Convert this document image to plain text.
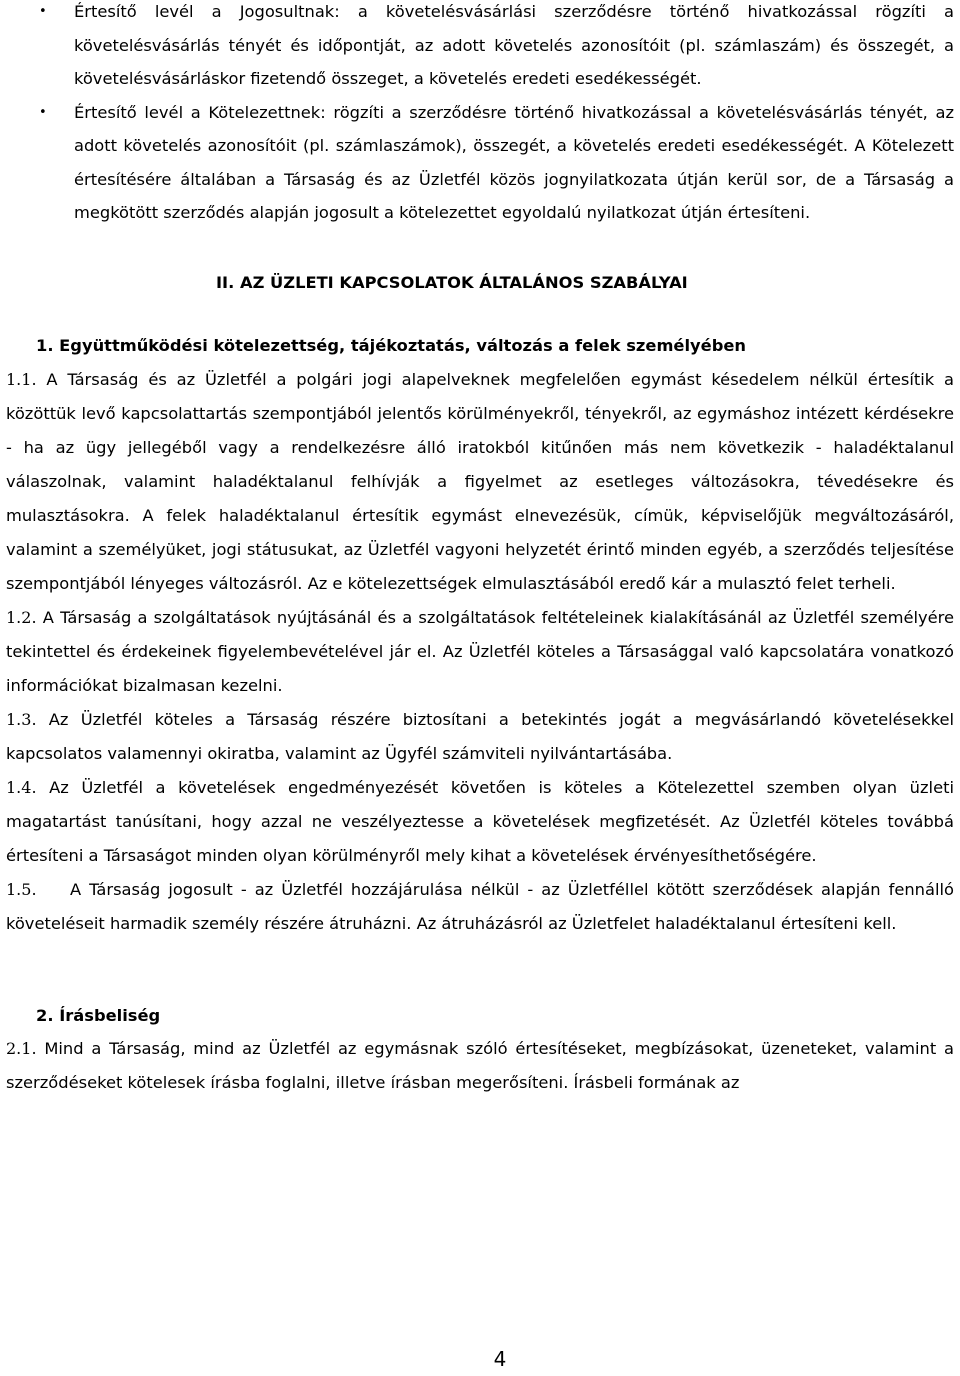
• Értesítő levél a Jogosultnak: a követelésvásárlási szerződésre történő hivatkozással rögzíti a követelésvásárlás tényét és időpontját, az adott követelés azonosítóit (pl. számlaszám) és összegét, a követelésvásárláskor fizetendő összeget, a követelés eredeti esedékességét.
• Értesítő levél a Kötelezettnek: rögzíti a szerződésre történő hivatkozással a követelésvásárlás tényét, az adott követelés azonosítóit (pl. számlaszámok), összegét, a követelés eredeti esedékességét. A Kötelezett értesítésére általában a Társaság és az Üzletfél közös jognyilatkozata útján kerül sor, de a Társaság a megkötött szerződés alapján jogosult a kötelezettet egyoldalú nyilatkozat útján értesíteni.
II. AZ ÜZLETI KAPCSOLATOK ÁLTALÁNOS SZABÁLYAI
1. Együttműködési kötelezettség, tájékoztatás, változás a felek személyében

1.1. A Társaság és az Üzletfél a polgári jogi alapelveknek megfelelően egymást késedelem nélkül értesítik a közöttük levő kapcsolattartás szempontjából jelentős körülményekről, tényekről, az egymáshoz intézett kérdésekre - ha az ügy jellegéből vagy a rendelkezésre álló iratokból kitűnően más nem következik - haladéktalanul válaszolnak, valamint haladéktalanul felhívják a figyelmet az esetleges változásokra, tévedésekre és mulasztásokra. A felek haladéktalanul értesítik egymást elnevezésük, címük, képviselőjük megváltozásáról, valamint a személyüket, jogi státusukat, az Üzletfél vagyoni helyzetét érintő minden egyéb, a szerződés teljesítése szempontjából lényeges változásról. Az e kötelezettségek elmulasztásából eredő kár a mulasztó felet terheli.

1.2. A Társaság a szolgáltatások nyújtásánál és a szolgáltatások feltételeinek kialakításánál az Üzletfél személyére tekintettel és érdekeinek figyelembevételével jár el. Az Üzletfél köteles a Társasággal való kapcsolatára vonatkozó információkat bizalmasan kezelni.

1.3. Az Üzletfél köteles a Társaság részére biztosítani a betekintés jogát a megvásárlandó követelésekkel kapcsolatos valamennyi okiratba, valamint az Ügyfél számviteli nyilvántartásába.

1.4. Az Üzletfél a követelések engedményezését követően is köteles a Kötelezettel szemben olyan üzleti magatartást tanúsítani, hogy azzal ne veszélyeztesse a követelések megfizetését. Az Üzletfél köteles továbbá értesíteni a Társaságot minden olyan körülményről mely kihat a követelések érvényesíthetőségére.

1.5. A Társaság jogosult - az Üzletfél hozzájárulása nélkül - az Üzletféllel kötött szerződések alapján fennálló követeléseit harmadik személy részére átruházni. Az átruházásról az Üzletfelet haladéktalanul értesíteni kell.

2. Írásbeliség

2.1. Mind a Társaság, mind az Üzletfél az egymásnak szóló értesítéseket, megbízásokat, üzeneteket, valamint a szerződéseket kötelesek írásba foglalni, illetve írásban megerősíteni. Írásbeli formának az

4
